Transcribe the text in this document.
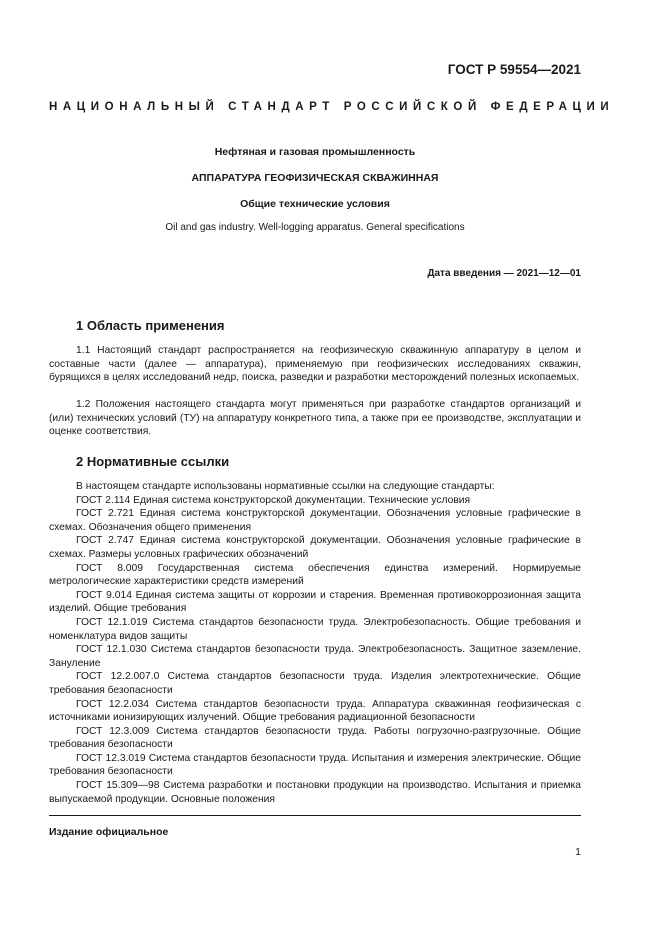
ГОСТ Р 59554—2021
НАЦИОНАЛЬНЫЙ СТАНДАРТ РОССИЙСКОЙ ФЕДЕРАЦИИ
Нефтяная и газовая промышленность
АППАРАТУРА ГЕОФИЗИЧЕСКАЯ СКВАЖИННАЯ
Общие технические условия
Oil and gas industry. Well-logging apparatus. General specifications
Дата введения — 2021—12—01
1 Область применения
1.1 Настоящий стандарт распространяется на геофизическую скважинную аппаратуру в целом и составные части (далее — аппаратура), применяемую при геофизических исследованиях скважин, бурящихся в целях исследований недр, поиска, разведки и разработки месторождений полезных ископаемых.
1.2 Положения настоящего стандарта могут применяться при разработке стандартов организаций и (или) технических условий (ТУ) на аппаратуру конкретного типа, а также при ее производстве, эксплуатации и оценке соответствия.
2 Нормативные ссылки
В настоящем стандарте использованы нормативные ссылки на следующие стандарты:
ГОСТ 2.114 Единая система конструкторской документации. Технические условия
ГОСТ 2.721 Единая система конструкторской документации. Обозначения условные графические в схемах. Обозначения общего применения
ГОСТ 2.747 Единая система конструкторской документации. Обозначения условные графические в схемах. Размеры условных графических обозначений
ГОСТ 8.009 Государственная система обеспечения единства измерений. Нормируемые метрологические характеристики средств измерений
ГОСТ 9.014 Единая система защиты от коррозии и старения. Временная противокоррозионная защита изделий. Общие требования
ГОСТ 12.1.019 Система стандартов безопасности труда. Электробезопасность. Общие требования и номенклатура видов защиты
ГОСТ 12.1.030 Система стандартов безопасности труда. Электробезопасность. Защитное заземление. Зануление
ГОСТ 12.2.007.0 Система стандартов безопасности труда. Изделия электротехнические. Общие требования безопасности
ГОСТ 12.2.034 Система стандартов безопасности труда. Аппаратура скважинная геофизическая с источниками ионизирующих излучений. Общие требования радиационной безопасности
ГОСТ 12.3.009 Система стандартов безопасности труда. Работы погрузочно-разгрузочные. Общие требования безопасности
ГОСТ 12.3.019 Система стандартов безопасности труда. Испытания и измерения электрические. Общие требования безопасности
ГОСТ 15.309—98 Система разработки и постановки продукции на производство. Испытания и приемка выпускаемой продукции. Основные положения
Издание официальное
1
